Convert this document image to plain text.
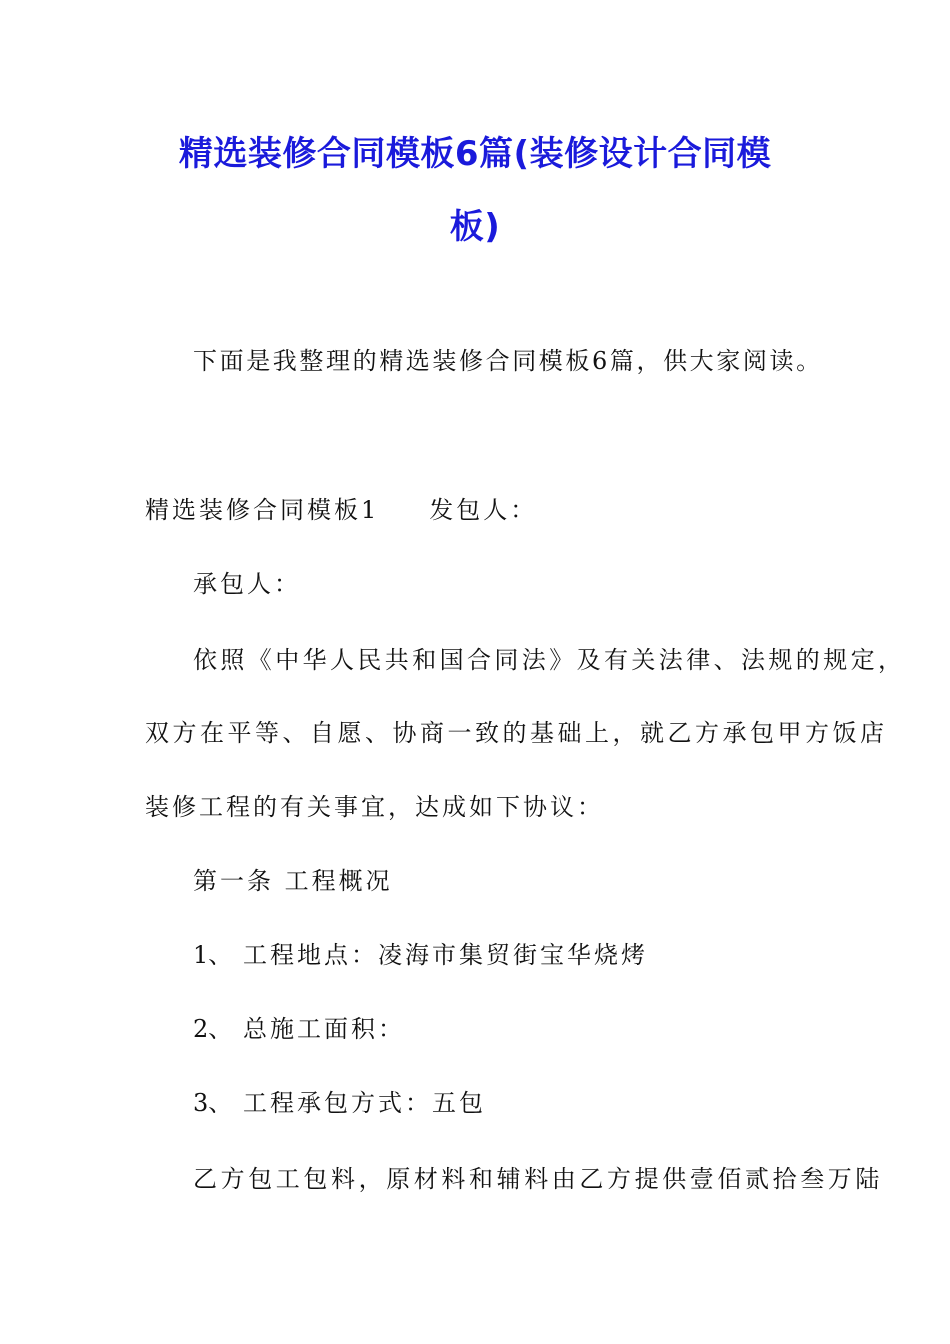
精选装修合同模板6篇(装修设计合同模
板)

下面是我整理的精选装修合同模板6篇，供大家阅读。

精选装修合同模板1 发包人：

承包人：

依照《中华人民共和国合同法》及有关法律、法规的规定，

双方在平等、自愿、协商一致的基础上，就乙方承包甲方饭店

装修工程的有关事宜，达成如下协议：

第一条 工程概况

1、 工程地点：凌海市集贸街宝华烧烤

2、 总施工面积：

3、 工程承包方式：五包

乙方包工包料，原材料和辅料由乙方提供壹佰贰拾叁万陆
